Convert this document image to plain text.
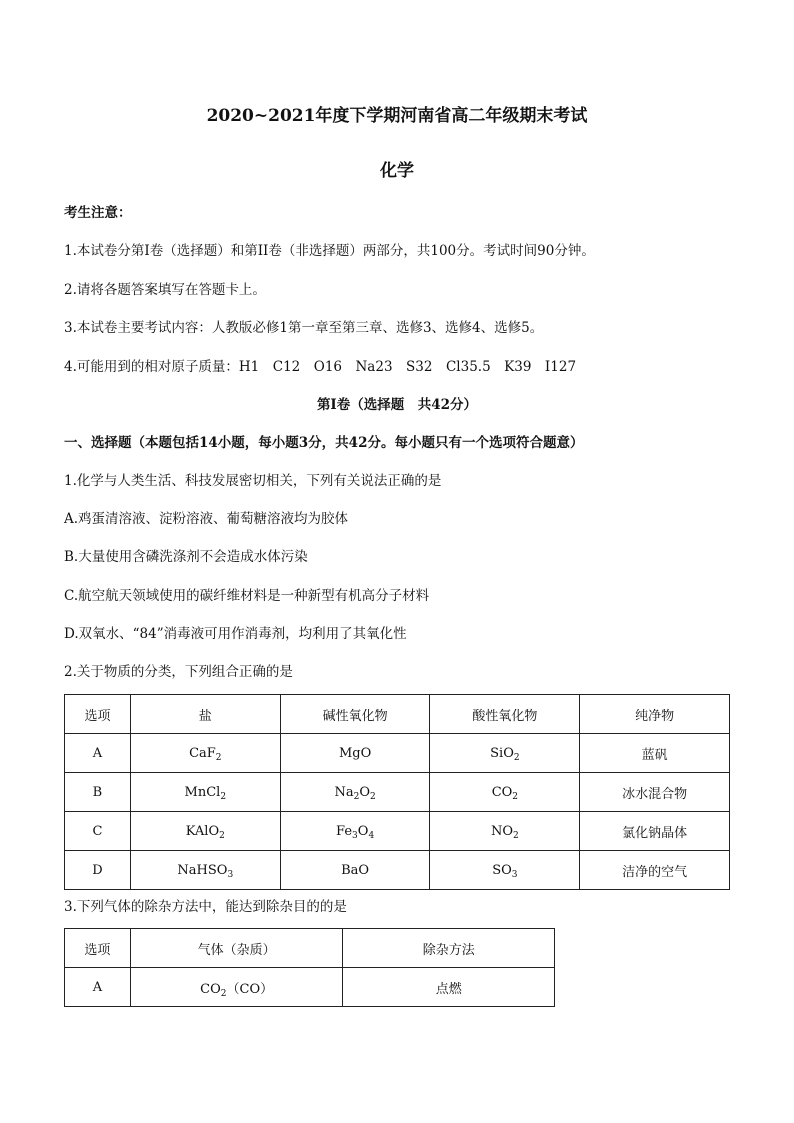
2020~2021年度下学期河南省高二年级期末考试
化学
考生注意：
1.本试卷分第I卷（选择题）和第II卷（非选择题）两部分，共100分。考试时间90分钟。
2.请将各题答案填写在答题卡上。
3.本试卷主要考试内容：人教版必修1第一章至第三章、选修3、选修4、选修5。
4.可能用到的相对原子质量：H1　C12　O16　Na23　S32　Cl35.5　K39　I127
第I卷（选择题　共42分）
一、选择题（本题包括14小题，每小题3分，共42分。每小题只有一个选项符合题意）
1.化学与人类生活、科技发展密切相关，下列有关说法正确的是
A.鸡蛋清溶液、淀粉溶液、葡萄糖溶液均为胶体
B.大量使用含磷洗涤剂不会造成水体污染
C.航空航天领域使用的碳纤维材料是一种新型有机高分子材料
D.双氧水、“84”消毒液可用作消毒剂，均利用了其氧化性
2.关于物质的分类，下列组合正确的是
选项	盐	碱性氧化物	酸性氧化物	纯净物
A	CaF$_2$	MgO	SiO$_2$	蓝矾
B	MnCl$_2$	$Na_2O_2$	$CO_2$	冰水混合物
C	KAlO$_2$	$Fe_3O_4$	$NO_2$	氯化钠晶体
D	NaHSO$_3$	BaO	$SO_3$	洁净的空气
3.下列气体的除杂方法中，能达到除杂目的的是
选项	气体（杂质）	除杂方法
A	$CO_2(CO)$	点燃
